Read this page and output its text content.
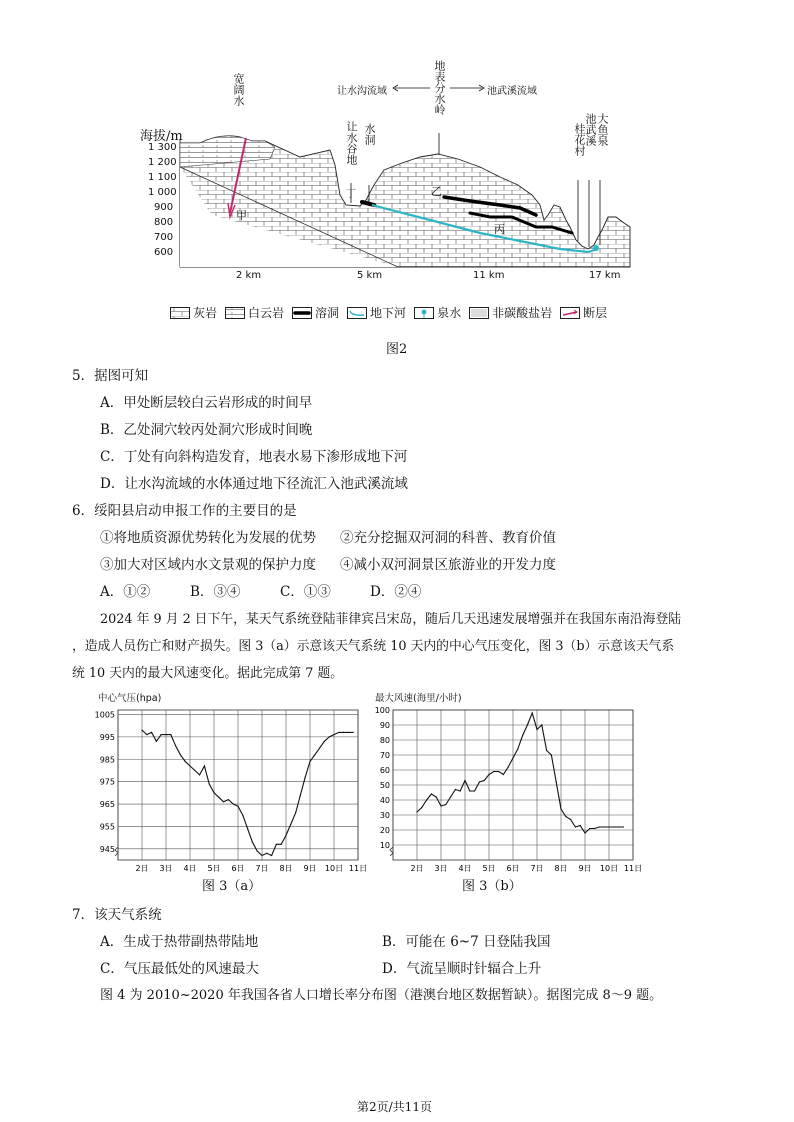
海拔/m
1 300
1 200
1 100
1 000
900
800
700
600
2 km	5 km	11 km	17 km
让水沟流域	地表分水岭	池武溪流域
宽阔水
让水谷地 水洞	桂花村
池武溪 大鱼泉
甲
乙
丙
丁
灰岩	白云岩	溶洞	地下河	泉水	非碳酸盐岩	断层
图2
5．据图可知
A．甲处断层较白云岩形成的时间早
B．乙处洞穴较丙处洞穴形成时间晚
C．丁处有向斜构造发育，地表水易下渗形成地下河
D．让水沟流域的水体通过地下径流汇入池武溪流域
6．绥阳县启动申报工作的主要目的是
①将地质资源优势转化为发展的优势 ②充分挖掘双河洞的科普、教育价值
③加大对区域内水文景观的保护力度 ④减小双河洞景区旅游业的开发力度
A．①②	B．③④	C．①③	D．②④
2024 年 9 月 2 日下午，某天气系统登陆菲律宾吕宋岛，随后几天迅速发展增强并在我国东南沿海登陆
，造成人员伤亡和财产损失。图 3（a）示意该天气系统 10 天内的中心气压变化，图 3（b）示意该天气系
统 10 天内的最大风速变化。据此完成第 7 题。
中心气压(hpa)
1005
995
985
975
965
955
945
2日 3日 4日 5日 6日 7日 8日 9日 10日 11日
图 3（a）
最大风速(海里/小时)
100
90
80
70
60
50
40
30
20
10
2日 3日 4日 5日 6日 7日 8日 9日 10日 11日
图 3（b）
7．该天气系统
A．生成于热带副热带陆地	B．可能在 6~7 日登陆我国
C．气压最低处的风速最大	D．气流呈顺时针辐合上升
图 4 为 2010~2020 年我国各省人口增长率分布图（港澳台地区数据暂缺）。据图完成 8～9 题。
第2页/共11页
